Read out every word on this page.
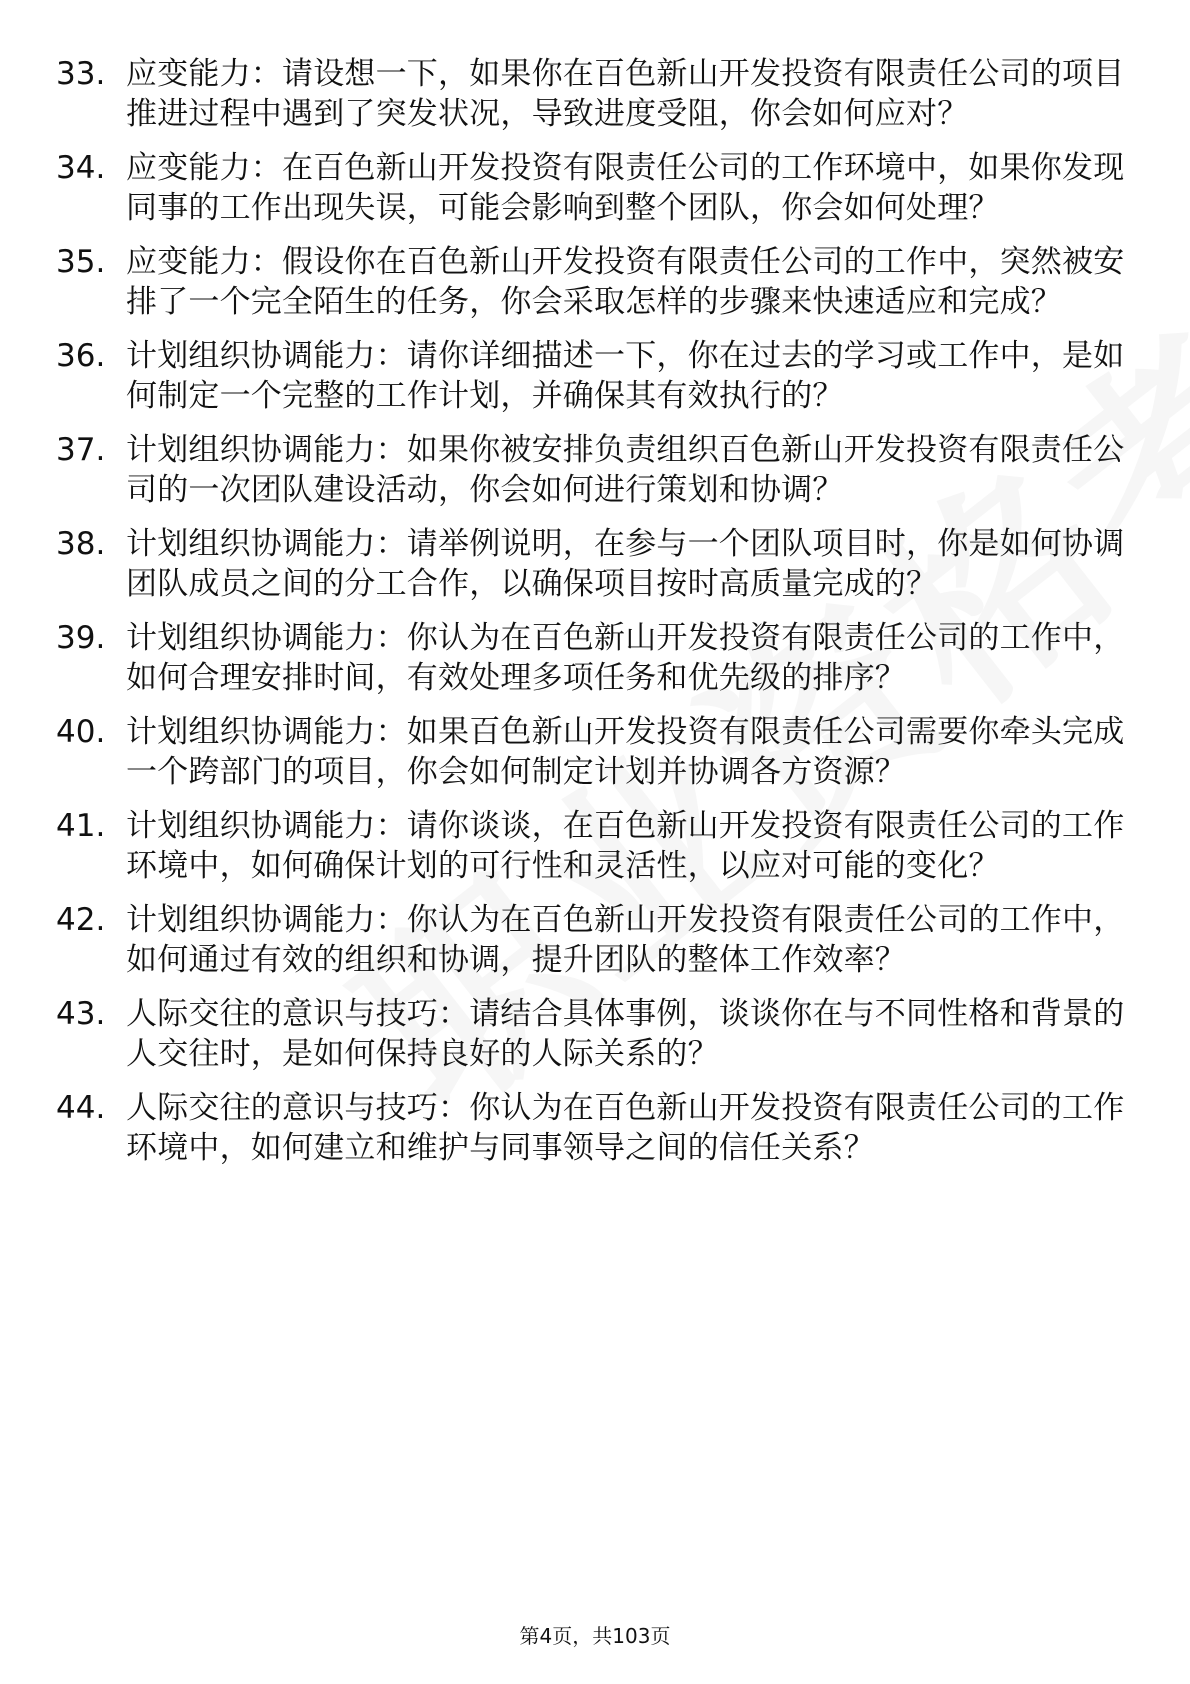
33. 应变能力：请设想一下，如果你在百色新山开发投资有限责任公司的项目推进过程中遇到了突发状况，导致进度受阻，你会如何应对？
34. 应变能力：在百色新山开发投资有限责任公司的工作环境中，如果你发现同事的工作出现失误，可能会影响到整个团队，你会如何处理？
35. 应变能力：假设你在百色新山开发投资有限责任公司的工作中，突然被安排了一个完全陌生的任务，你会采取怎样的步骤来快速适应和完成？
36. 计划组织协调能力：请你详细描述一下，你在过去的学习或工作中，是如何制定一个完整的工作计划，并确保其有效执行的？
37. 计划组织协调能力：如果你被安排负责组织百色新山开发投资有限责任公司的一次团队建设活动，你会如何进行策划和协调？
38. 计划组织协调能力：请举例说明，在参与一个团队项目时，你是如何协调团队成员之间的分工合作，以确保项目按时高质量完成的？
39. 计划组织协调能力：你认为在百色新山开发投资有限责任公司的工作中，如何合理安排时间，有效处理多项任务和优先级的排序？
40. 计划组织协调能力：如果百色新山开发投资有限责任公司需要你牵头完成一个跨部门的项目，你会如何制定计划并协调各方资源？
41. 计划组织协调能力：请你谈谈，在百色新山开发投资有限责任公司的工作环境中，如何确保计划的可行性和灵活性，以应对可能的变化？
42. 计划组织协调能力：你认为在百色新山开发投资有限责任公司的工作中，如何通过有效的组织和协调，提升团队的整体工作效率？
43. 人际交往的意识与技巧：请结合具体事例，谈谈你在与不同性格和背景的人交往时，是如何保持良好的人际关系的？
44. 人际交往的意识与技巧：你认为在百色新山开发投资有限责任公司的工作环境中，如何建立和维护与同事领导之间的信任关系？
第4页，共103页
